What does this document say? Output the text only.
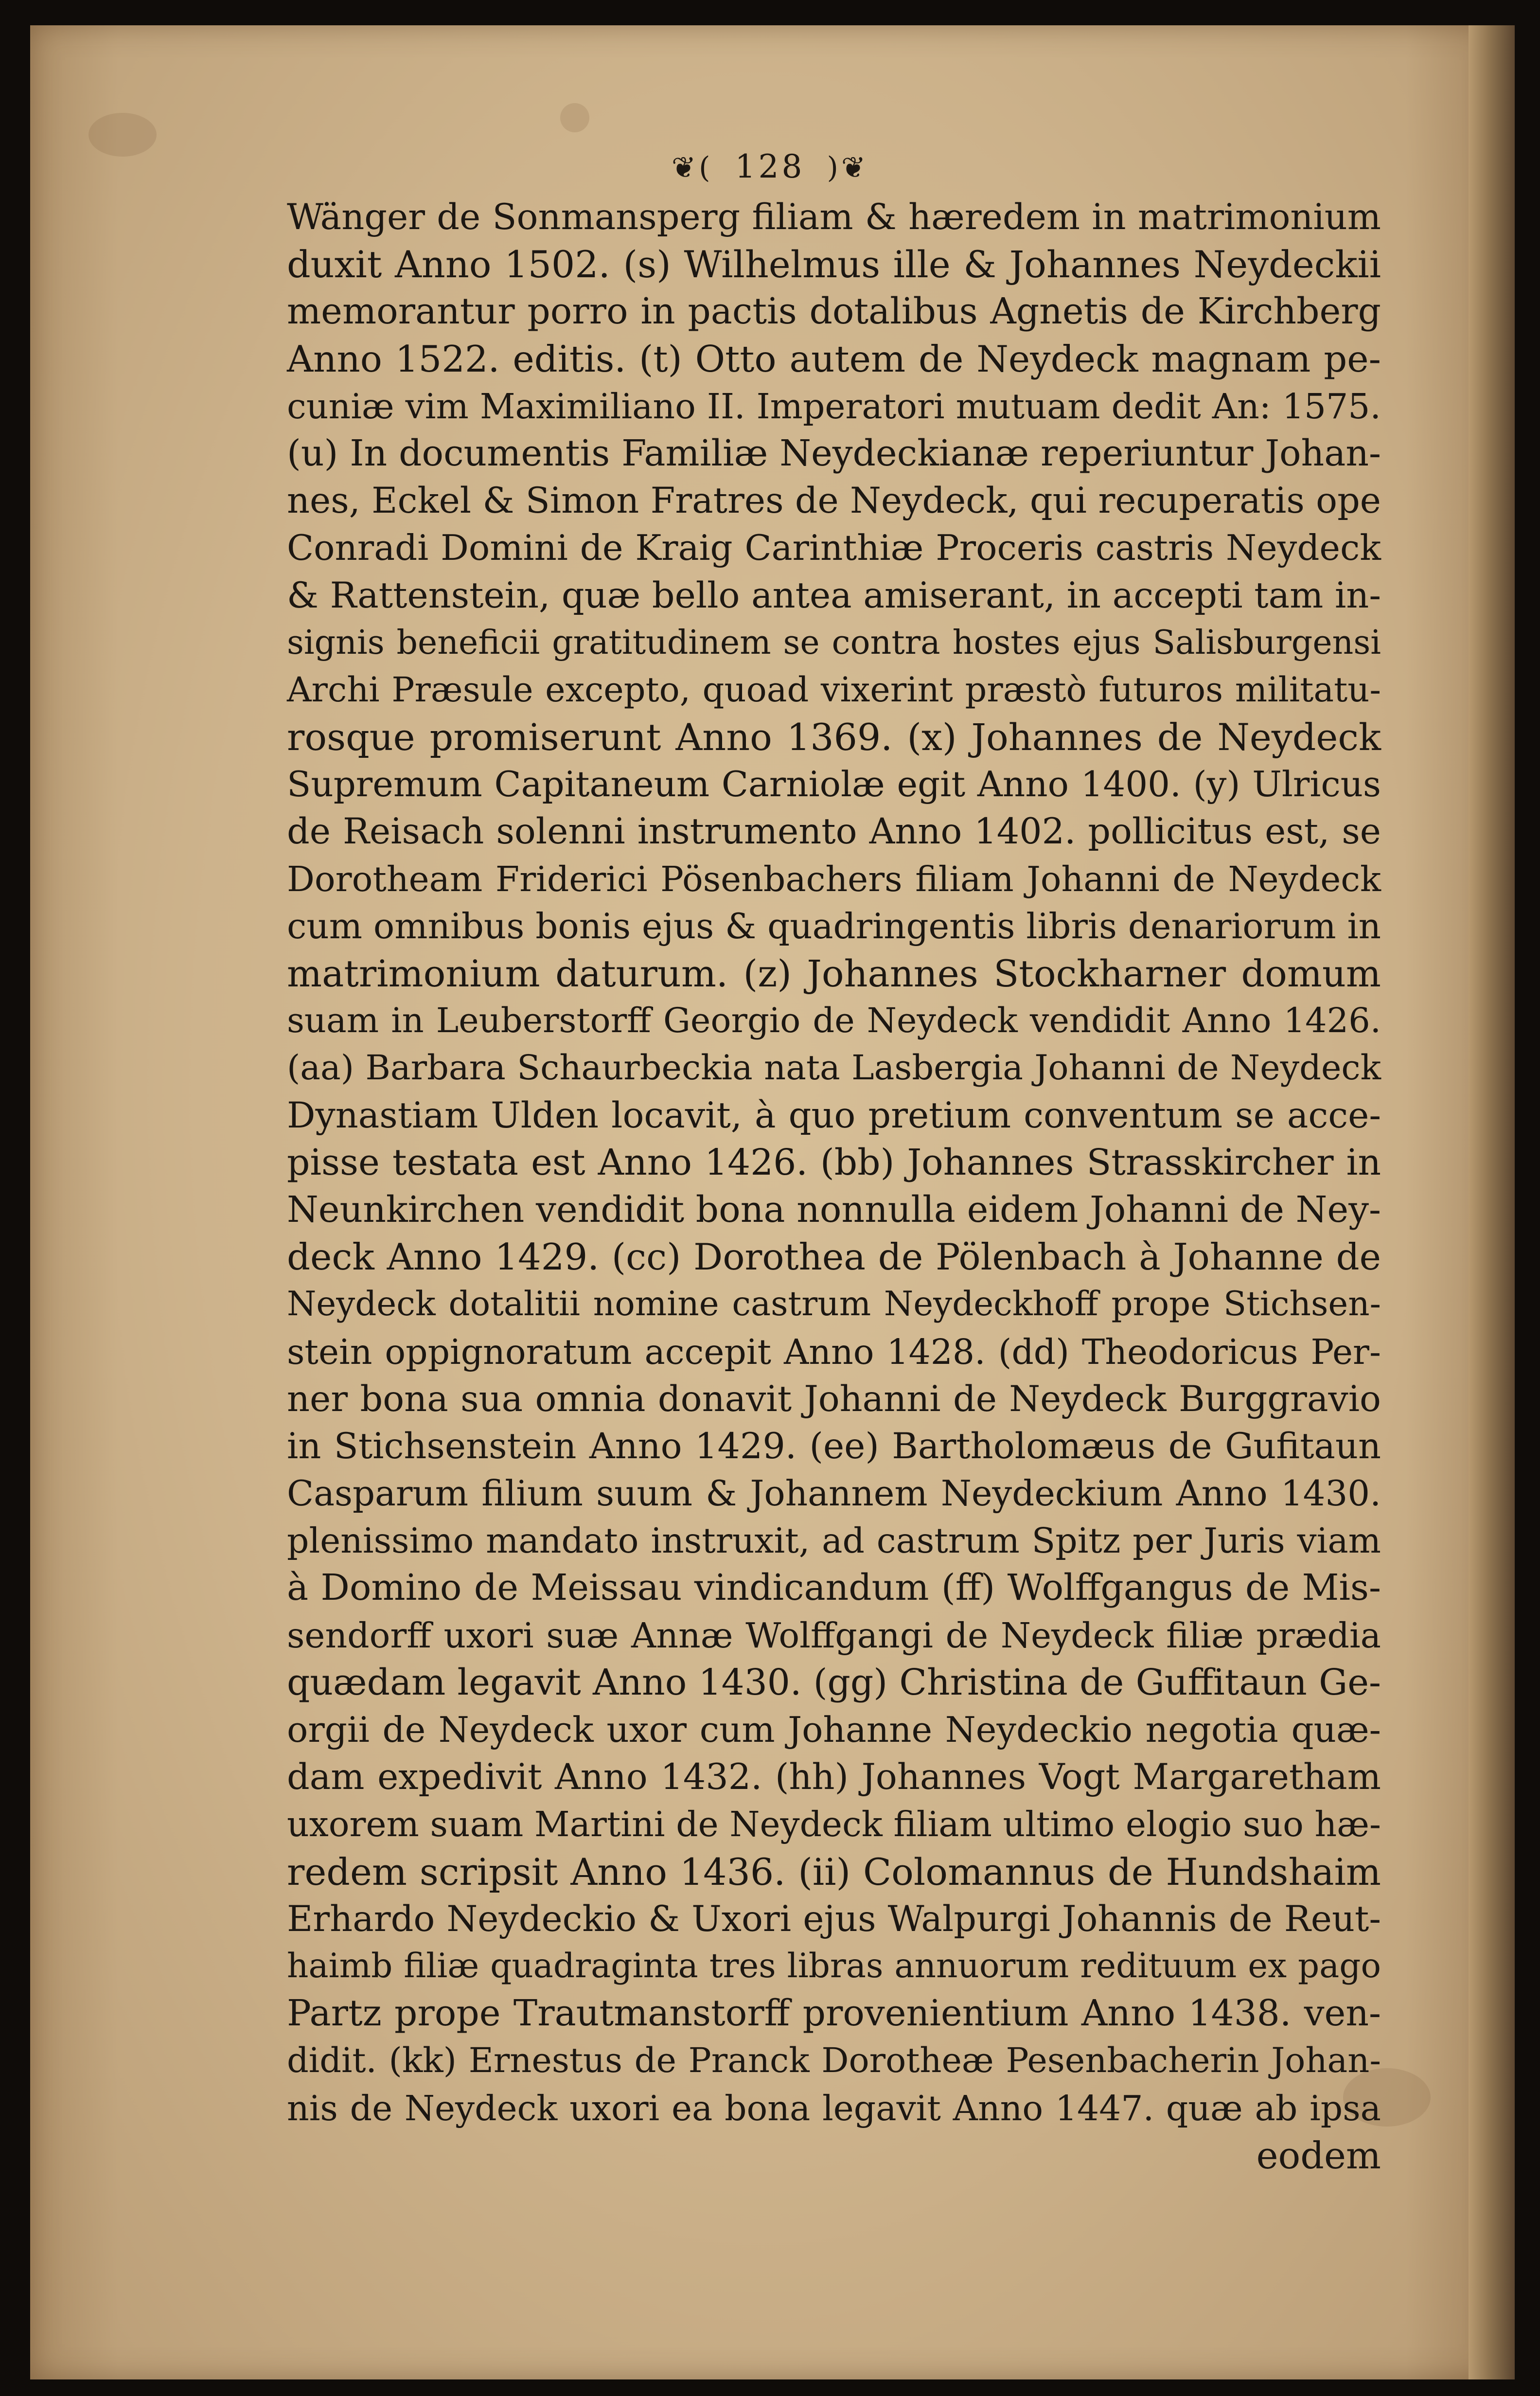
❦( 128 )❦
Wänger de Sonmansperg filiam & hæredem in matrimonium
duxit Anno 1502. (s) Wilhelmus ille & Johannes Neydeckii
memorantur porro in pactis dotalibus Agnetis de Kirchberg
Anno 1522. editis. (t) Otto autem de Neydeck magnam pe-
cuniæ vim Maximiliano II. Imperatori mutuam dedit An: 1575.
(u) In documentis Familiæ Neydeckianæ reperiuntur Johan-
nes, Eckel & Simon Fratres de Neydeck, qui recuperatis ope
Conradi Domini de Kraig Carinthiæ Proceris castris Neydeck
& Rattenstein, quæ bello antea amiserant, in accepti tam in-
signis beneficii gratitudinem se contra hostes ejus Salisburgensi
Archi Præsule excepto, quoad vixerint præstò futuros militatu-
rosque promiserunt Anno 1369. (x) Johannes de Neydeck
Supremum Capitaneum Carniolæ egit Anno 1400. (y) Ulricus
de Reisach solenni instrumento Anno 1402. pollicitus est, se
Dorotheam Friderici Pösenbachers filiam Johanni de Neydeck
cum omnibus bonis ejus & quadringentis libris denariorum in
matrimonium daturum. (z) Johannes Stockharner domum
suam in Leuberstorff Georgio de Neydeck vendidit Anno 1426.
(aa) Barbara Schaurbeckia nata Lasbergia Johanni de Neydeck
Dynastiam Ulden locavit, à quo pretium conventum se acce-
pisse testata est Anno 1426. (bb) Johannes Strasskircher in
Neunkirchen vendidit bona nonnulla eidem Johanni de Ney-
deck Anno 1429. (cc) Dorothea de Pölenbach à Johanne de
Neydeck dotalitii nomine castrum Neydeckhoff prope Stichsen-
stein oppignoratum accepit Anno 1428. (dd) Theodoricus Per-
ner bona sua omnia donavit Johanni de Neydeck Burggravio
in Stichsenstein Anno 1429. (ee) Bartholomæus de Gufitaun
Casparum filium suum & Johannem Neydeckium Anno 1430.
plenissimo mandato instruxit, ad castrum Spitz per Juris viam
à Domino de Meissau vindicandum (ff) Wolffgangus de Mis-
sendorff uxori suæ Annæ Wolffgangi de Neydeck filiæ prædia
quædam legavit Anno 1430. (gg) Christina de Guffitaun Ge-
orgii de Neydeck uxor cum Johanne Neydeckio negotia quæ-
dam expedivit Anno 1432. (hh) Johannes Vogt Margaretham
uxorem suam Martini de Neydeck filiam ultimo elogio suo hæ-
redem scripsit Anno 1436. (ii) Colomannus de Hundshaim
Erhardo Neydeckio & Uxori ejus Walpurgi Johannis de Reut-
haimb filiæ quadraginta tres libras annuorum redituum ex pago
Partz prope Trautmanstorff provenientium Anno 1438. ven-
didit. (kk) Ernestus de Pranck Dorotheæ Pesenbacherin Johan-
nis de Neydeck uxori ea bona legavit Anno 1447. quæ ab ipsa
eodem
